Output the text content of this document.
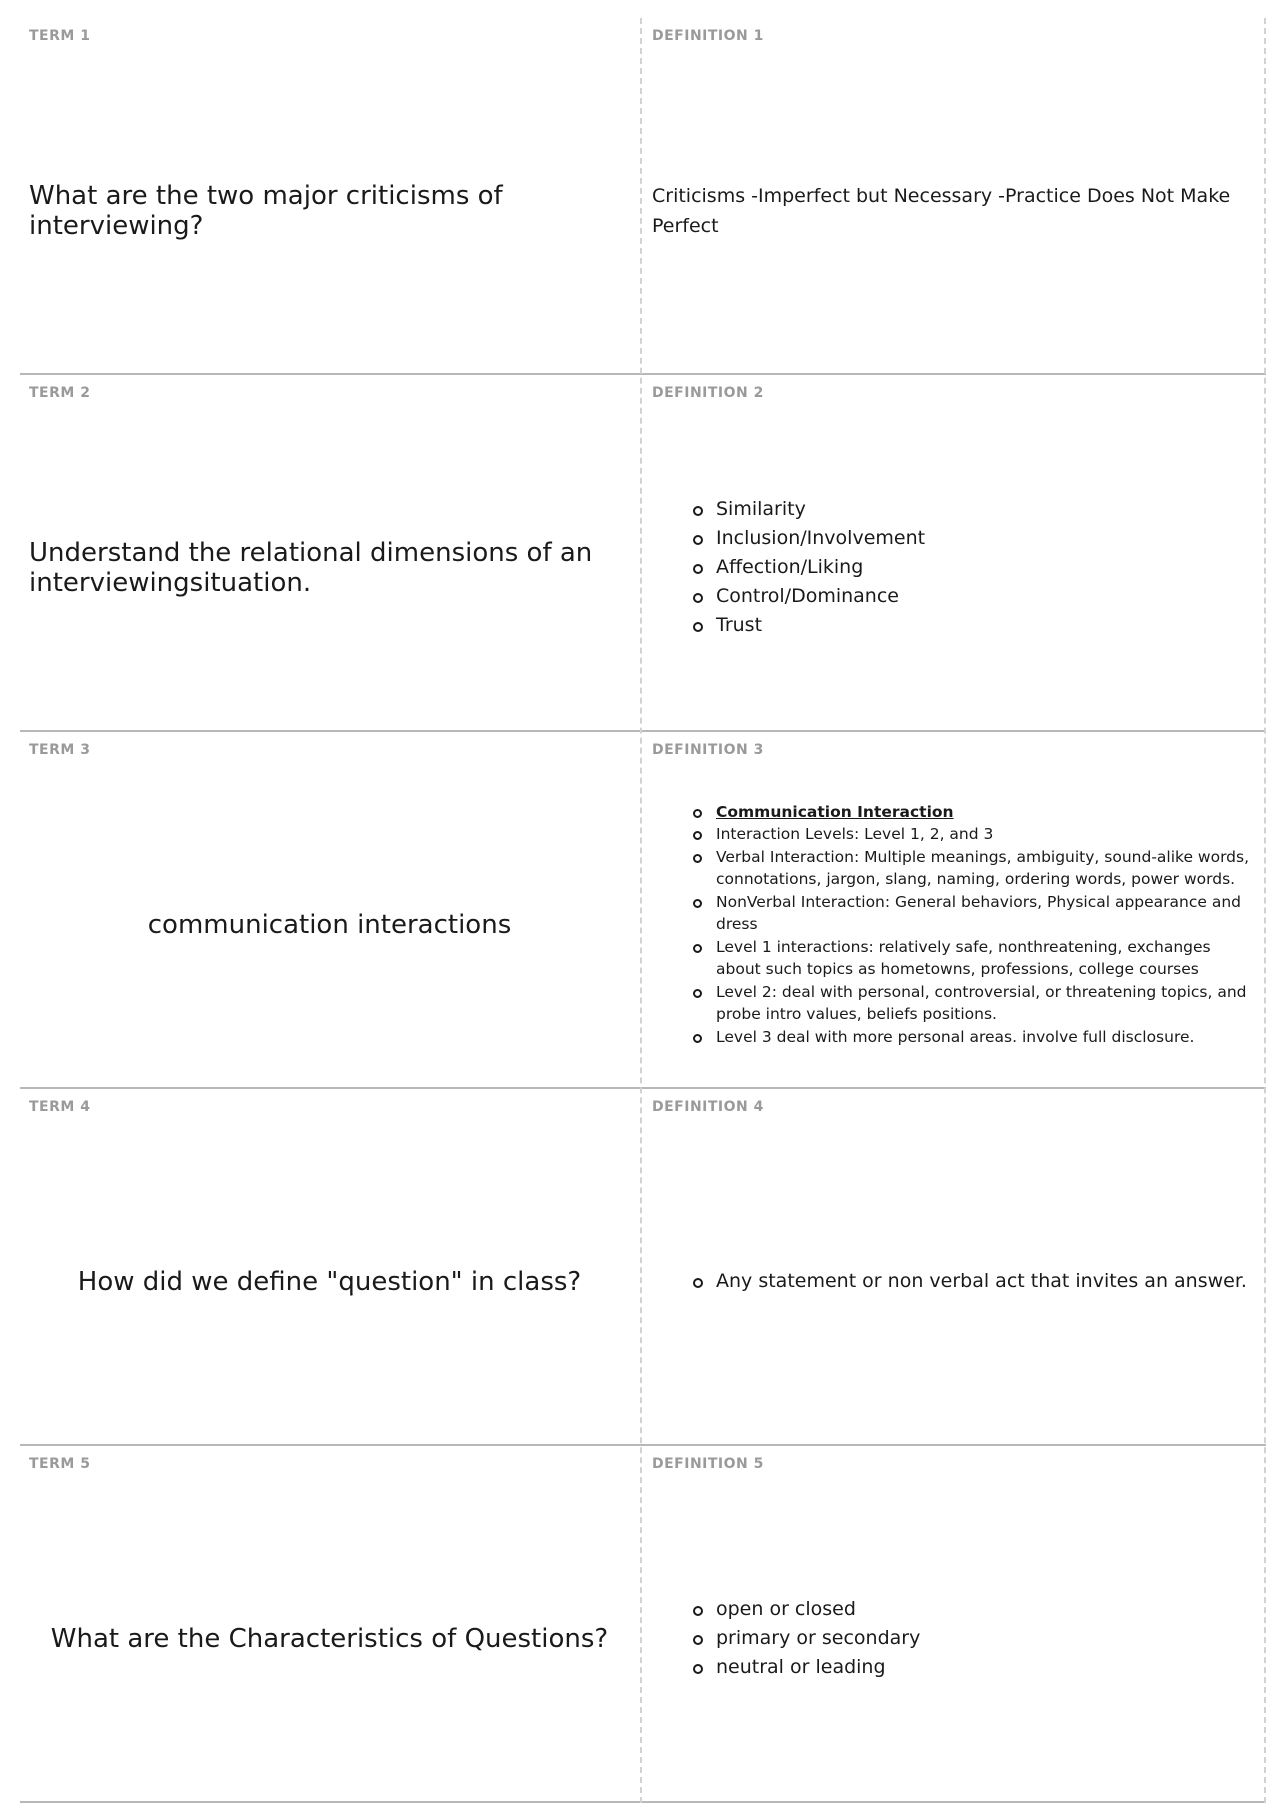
TERM 1
What are the two major criticisms of interviewing?
DEFINITION 1
Criticisms -Imperfect but Necessary -Practice Does Not Make Perfect
TERM 2
Understand the relational dimensions of an interviewingsituation.
DEFINITION 2
Similarity
Inclusion/Involvement
Affection/Liking
Control/Dominance
Trust
TERM 3
communication interactions
DEFINITION 3
Communication Interaction
Interaction Levels: Level 1, 2, and 3
Verbal Interaction: Multiple meanings, ambiguity, sound-alike words, connotations, jargon, slang, naming, ordering words, power words.
NonVerbal Interaction: General behaviors, Physical appearance and dress
Level 1 interactions: relatively safe, nonthreatening, exchanges about such topics as hometowns, professions, college courses
Level 2: deal with personal, controversial, or threatening topics, and probe intro values, beliefs positions.
Level 3 deal with more personal areas. involve full disclosure.
TERM 4
How did we define "question" in class?
DEFINITION 4
Any statement or non verbal act that invites an answer.
TERM 5
What are the Characteristics of Questions?
DEFINITION 5
open or closed
primary or secondary
neutral or leading
